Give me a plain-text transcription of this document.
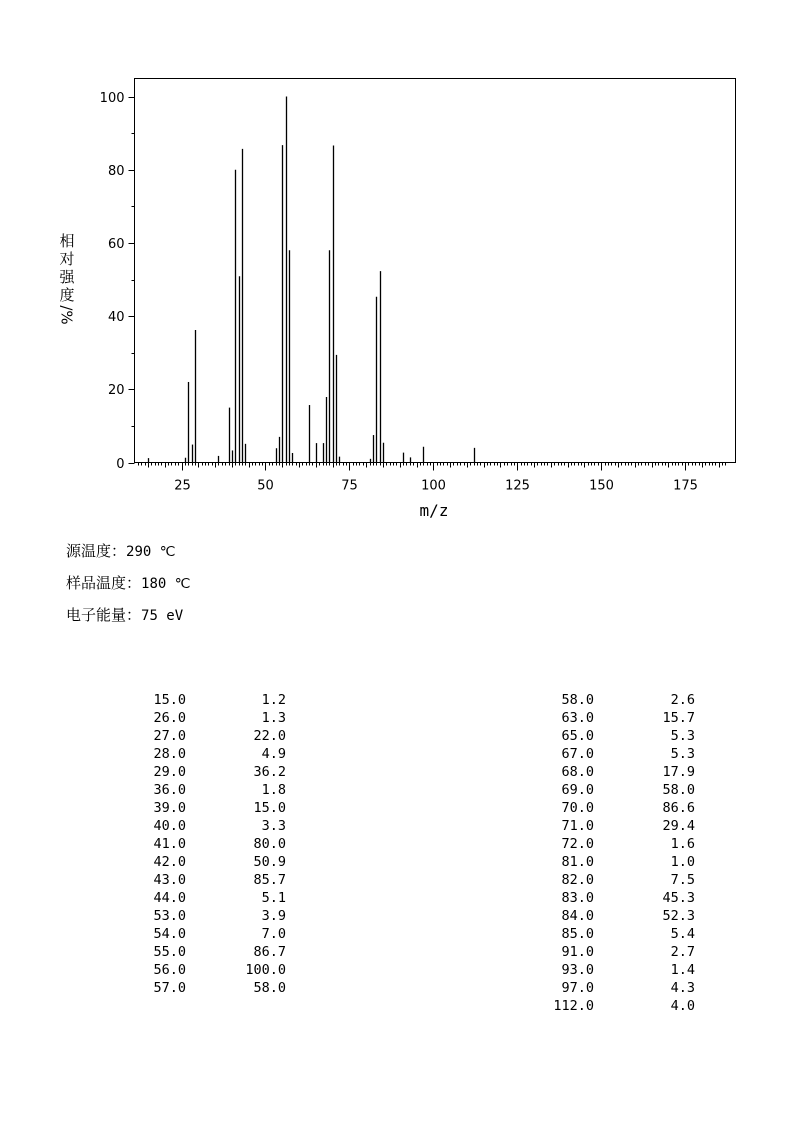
25	50	75	100	125	150	175
0
20
40
60
80
100
m/z
相
对
强
度
/%
源温度：290 ℃
样品温度：180 ℃
电子能量：75 eV
15.0	1.2
26.0	1.3
27.0	22.0
28.0	4.9
29.0	36.2
36.0	1.8
39.0	15.0
40.0	3.3
41.0	80.0
42.0	50.9
43.0	85.7
44.0	5.1
53.0	3.9
54.0	7.0
55.0	86.7
56.0	100.0
57.0	58.0
58.0	2.6
63.0	15.7
65.0	5.3
67.0	5.3
68.0	17.9
69.0	58.0
70.0	86.6
71.0	29.4
72.0	1.6
81.0	1.0
82.0	7.5
83.0	45.3
84.0	52.3
85.0	5.4
91.0	2.7
93.0	1.4
97.0	4.3
112.0	4.0
